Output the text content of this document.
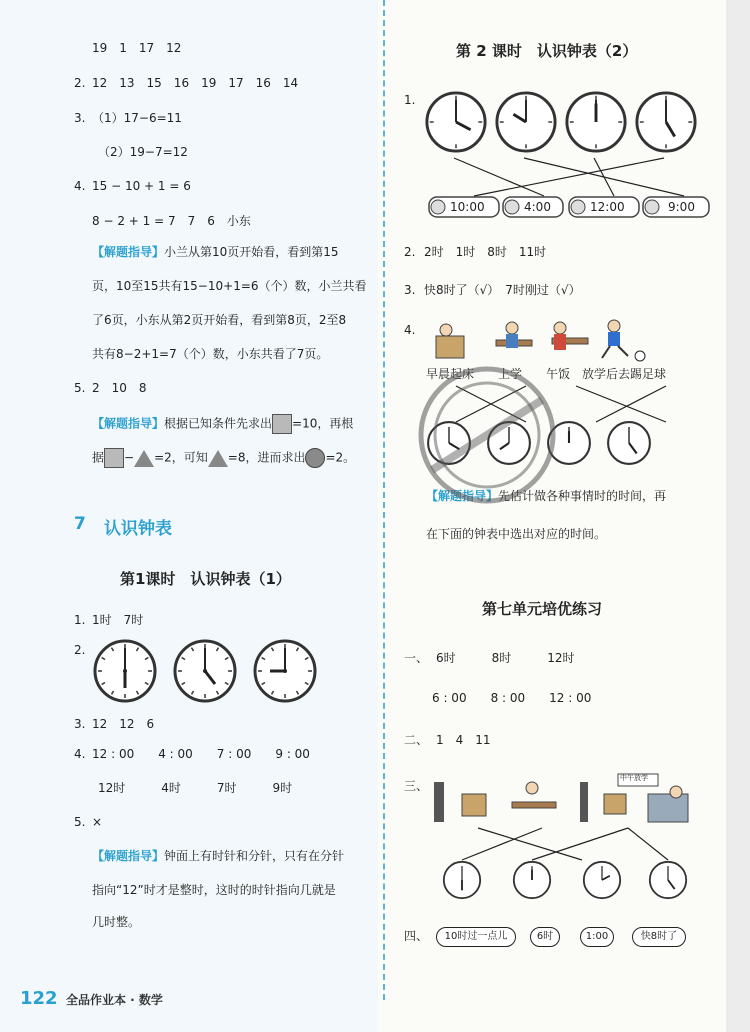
19　1　17　12
2. 12　13　15　16　19　17　16　14
3. （1）17−6=11
（2）19−7=12
4. 15 − 10 + 1 = 6
8 − 2 + 1 = 7　7　6　小东
【解题指导】小兰从第10页开始看，看到第15
页，10至15共有15−10+1=6（个）数，小兰共看
了6页，小东从第2页开始看，看到第8页，2至8
共有8−2+1=7（个）数，小东共看了7页。
5. 2　10　8
【解题指导】根据已知条件先求出 =10，再根
据 − =2，可知 =8，进而求出 =2。
7 认识钟表
第1课时　认识钟表（1）
1. 1时　7时
2.
3. 12　12　6
4. 12 : 00　　4 : 00　　7 : 00　　9 : 00
12时　　　4时　　　7时　　　9时
5. ×
【解题指导】钟面上有时针和分针，只有在分针
指向“12”时才是整时，这时的时针指向几就是
几时整。
第 2 课时　认识钟表（2）
1.
10:00	4:00	12:00	9:00
2. 2时　1时　8时　11时
3. 快8时了（√）　7时刚过（√）
4.
早晨起床　　上学　　午饭　放学后去踢足球
【解题指导】先估计做各种事情时的时间，再
在下面的钟表中选出对应的时间。
第七单元培优练习
一、 6时　　　8时　　　12时
6 : 00　　8 : 00　　12 : 00
二、 1　4　11
三、
中午放学
四、	10时过一点儿	6时	1:00	快8时了
122 全品作业本 · 数学
